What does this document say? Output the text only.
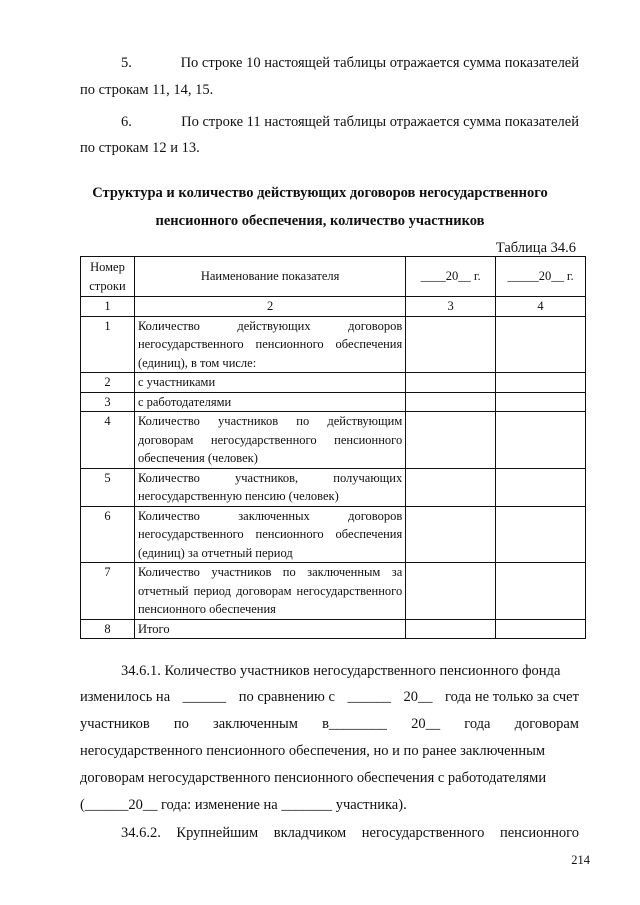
5.	По строке 10 настоящей таблицы отражается сумма показателей
по строкам 11, 14, 15.
6.	По строке 11 настоящей таблицы отражается сумма показателей
по строкам 12 и 13.
Структура и количество действующих договоров негосударственного
пенсионного обеспечения, количество участников
Таблица 34.6
Номер строки	Наименование показателя	____20__ г.	_____20__ г.
1	2	3	4
1	Количество действующих договоров негосударственного пенсионного обеспечения (единиц), в том числе:		
2	с участниками		
3	с работодателями		
4	Количество участников по действующим договорам негосударственного пенсионного обеспечения (человек)		
5	Количество участников, получающих негосударственную пенсию (человек)		
6	Количество заключенных договоров негосударственного пенсионного обеспечения (единиц) за отчетный период		
7	Количество участников по заключенным за отчетный период договорам негосударственного пенсионного обеспечения		
8	Итого		
34.6.1. Количество участников негосударственного пенсионного фонда
изменилось на ______ по сравнению с ______ 20__ года не только за счет
участников по заключенным в________ 20__ года договорам
негосударственного пенсионного обеспечения, но и по ранее заключенным
договорам негосударственного пенсионного обеспечения с работодателями
(______20__ года: изменение на _______ участника).
34.6.2. Крупнейшим вкладчиком негосударственного пенсионного
214
